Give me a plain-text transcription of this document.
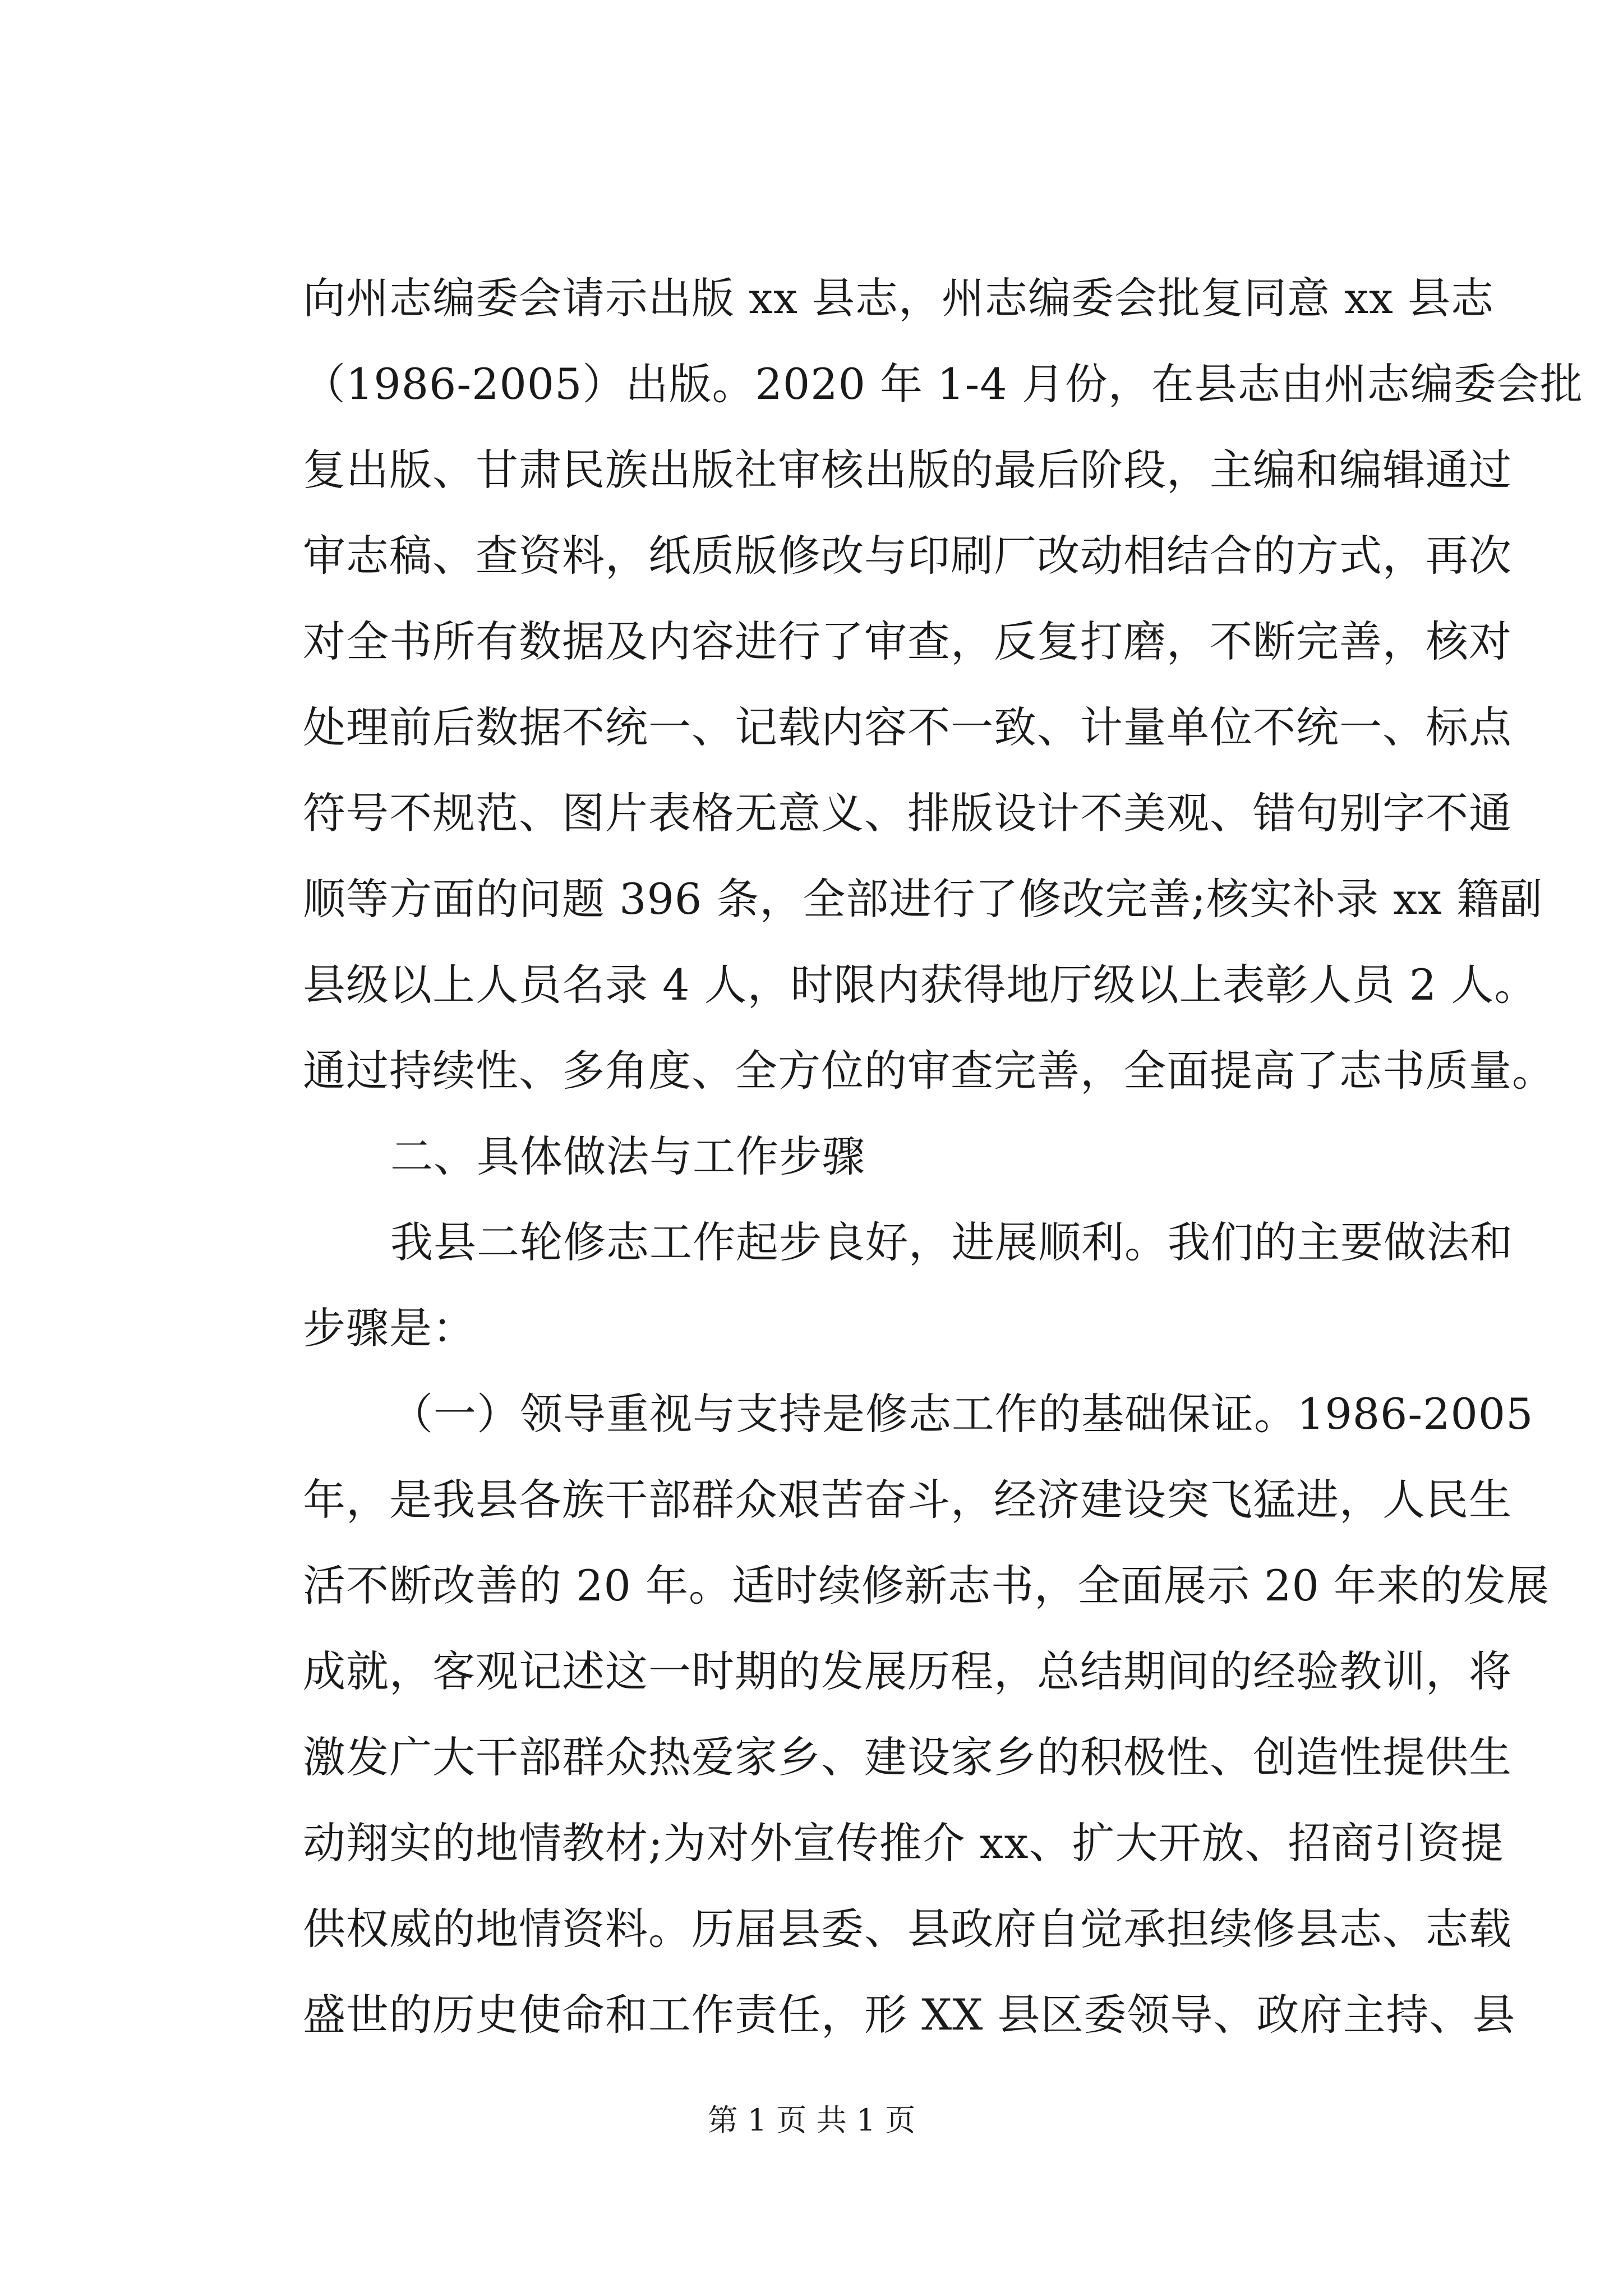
向州志编委会请示出版 xx 县志，州志编委会批复同意 xx 县志
（1986-2005）出版。2020 年 1-4 月份，在县志由州志编委会批
复出版、甘肃民族出版社审核出版的最后阶段，主编和编辑通过
审志稿、查资料，纸质版修改与印刷厂改动相结合的方式，再次
对全书所有数据及内容进行了审查，反复打磨，不断完善，核对
处理前后数据不统一、记载内容不一致、计量单位不统一、标点
符号不规范、图片表格无意义、排版设计不美观、错句别字不通
顺等方面的问题 396 条，全部进行了修改完善;核实补录 xx 籍副
县级以上人员名录 4 人，时限内获得地厅级以上表彰人员 2 人。
通过持续性、多角度、全方位的审查完善，全面提高了志书质量。
二、具体做法与工作步骤
我县二轮修志工作起步良好，进展顺利。我们的主要做法和
步骤是：
（一）领导重视与支持是修志工作的基础保证。1986-2005
年，是我县各族干部群众艰苦奋斗，经济建设突飞猛进，人民生
活不断改善的 20 年。适时续修新志书，全面展示 20 年来的发展
成就，客观记述这一时期的发展历程，总结期间的经验教训，将
激发广大干部群众热爱家乡、建设家乡的积极性、创造性提供生
动翔实的地情教材;为对外宣传推介 xx、扩大开放、招商引资提
供权威的地情资料。历届县委、县政府自觉承担续修县志、志载
盛世的历史使命和工作责任，形 XX 县区委领导、政府主持、县
第 1 页 共 1 页
